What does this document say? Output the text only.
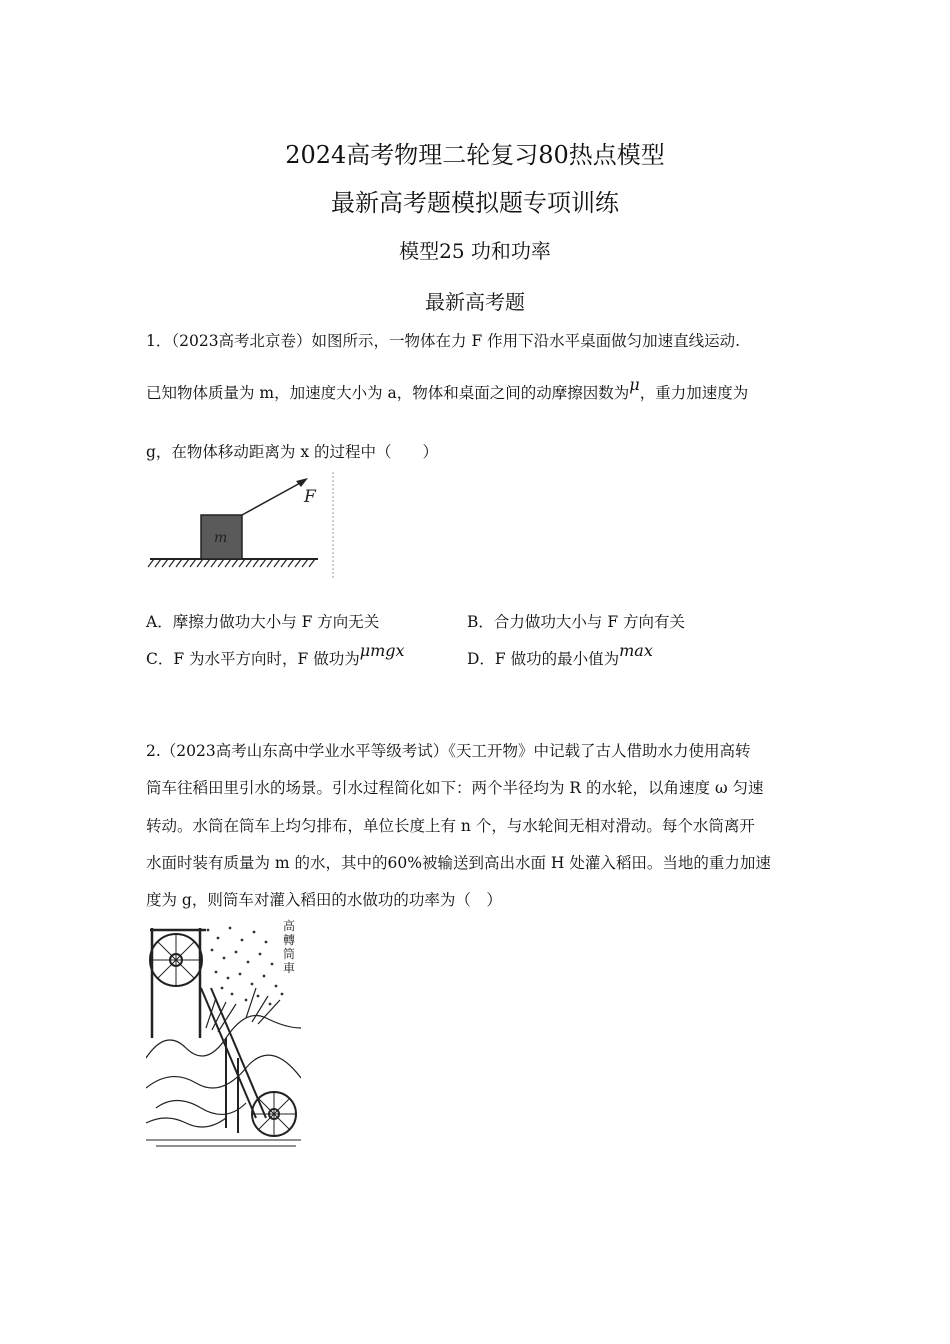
2024高考物理二轮复习80热点模型
最新高考题模拟题专项训练
模型25 功和功率
最新高考题
1．（2023高考北京卷）如图所示，一物体在力 F 作用下沿水平桌面做匀加速直线运动.
已知物体质量为 m，加速度大小为 a，物体和桌面之间的动摩擦因数为μ，重力加速度为
g，在物体移动距离为 x 的过程中（　　）
m
F
A．摩擦力做功大小与 F 方向无关	B．合力做功大小与 F 方向有关
C．F 为水平方向时，F 做功为μmgx	D．F 做功的最小值为max
2.（2023高考山东高中学业水平等级考试）《天工开物》中记载了古人借助水力使用高转
筒车往稻田里引水的场景。引水过程简化如下：两个半径均为 R 的水轮，以角速度 ω 匀速
转动。水筒在筒车上均匀排布，单位长度上有 n 个，与水轮间无相对滑动。每个水筒离开
水面时装有质量为 m 的水，其中的60%被输送到高出水面 H 处灌入稻田。当地的重力加速
度为 g，则筒车对灌入稻田的水做功的功率为（　）
高
轉
筒
車
